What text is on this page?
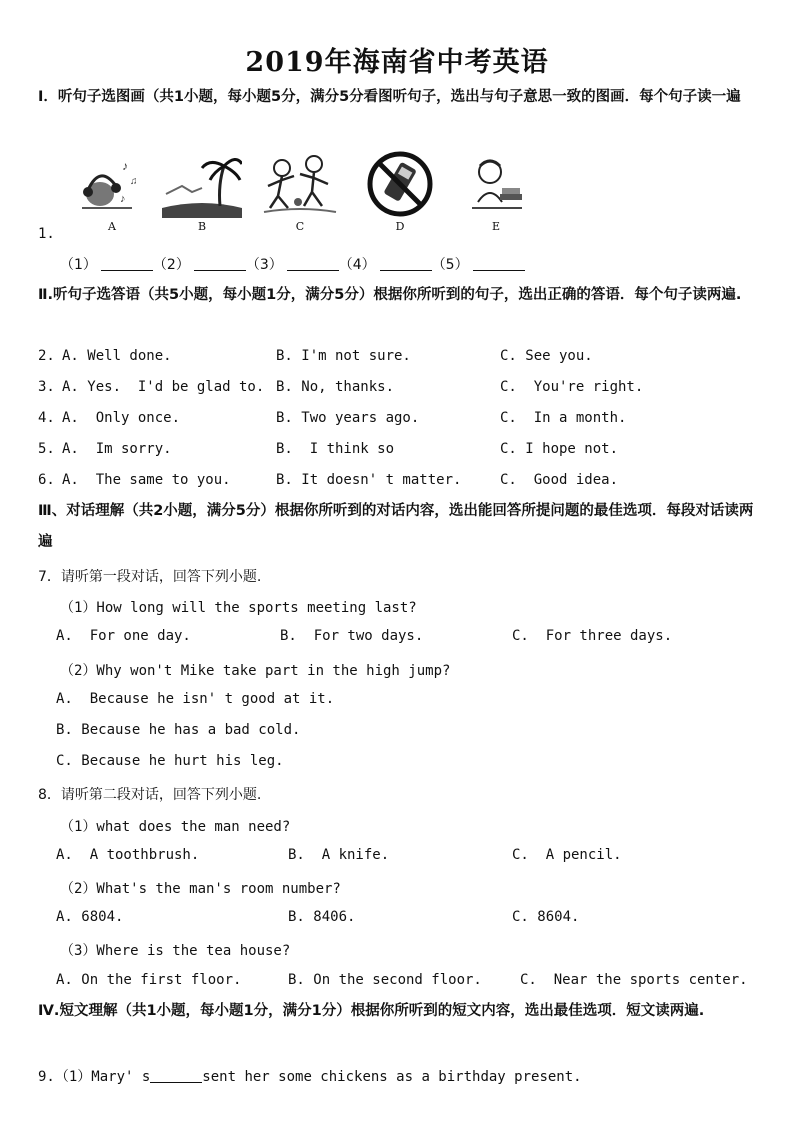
2019年海南省中考英语
I．听句子选图画（共1小题，每小题5分，满分5分看图听句子，选出与句子意思一致的图画．每个句子读一遍
♪
♫
♪
A	B	C	D	E
1.
（1）	（2）	（3）	（4）	（5）
Ⅱ.听句子选答语（共5小题，每小题1分，满分5分）根据你所听到的句子，选出正确的答语．每个句子读两遍.
2. A. Well done.	B. I'm not sure.	C. See you.
3. A. Yes.  I'd be glad to. B. No, thanks.	C.  You're right.
4. A.  Only once.	B. Two years ago.	C.  In a month.
5. A.  Im sorry.	B.  I think so	C. I hope not.
6. A.  The same to you.	B. It doesn' t matter.	C.  Good idea.
Ⅲ、对话理解（共2小题，满分5分）根据你所听到的对话内容，选出能回答所提问题的最佳选项．每段对话读两遍
7．请听第一段对话，回答下列小题.
（1）How long will the sports meeting last?
A.  For one day.	B.  For two days.	C.  For three days.
（2）Why won't Mike take part in the high jump?
A.  Because he isn' t good at it.
B. Because he has a bad cold.
C. Because he hurt his leg.
8．请听第二段对话，回答下列小题.
（1）what does the man need?
A.  A toothbrush.	B.  A knife.	C.  A pencil.
（2）What's the man's room number?
A. 6804.	B. 8406.	C. 8604.
（3）Where is the tea house?
A. On the first floor.	B. On the second floor.	C.  Near the sports center.
Ⅳ.短文理解（共1小题，每小题1分，满分1分）根据你所听到的短文内容，选出最佳选项．短文读两遍.
9.（1）Mary' s	sent her some chickens as a birthday present.
